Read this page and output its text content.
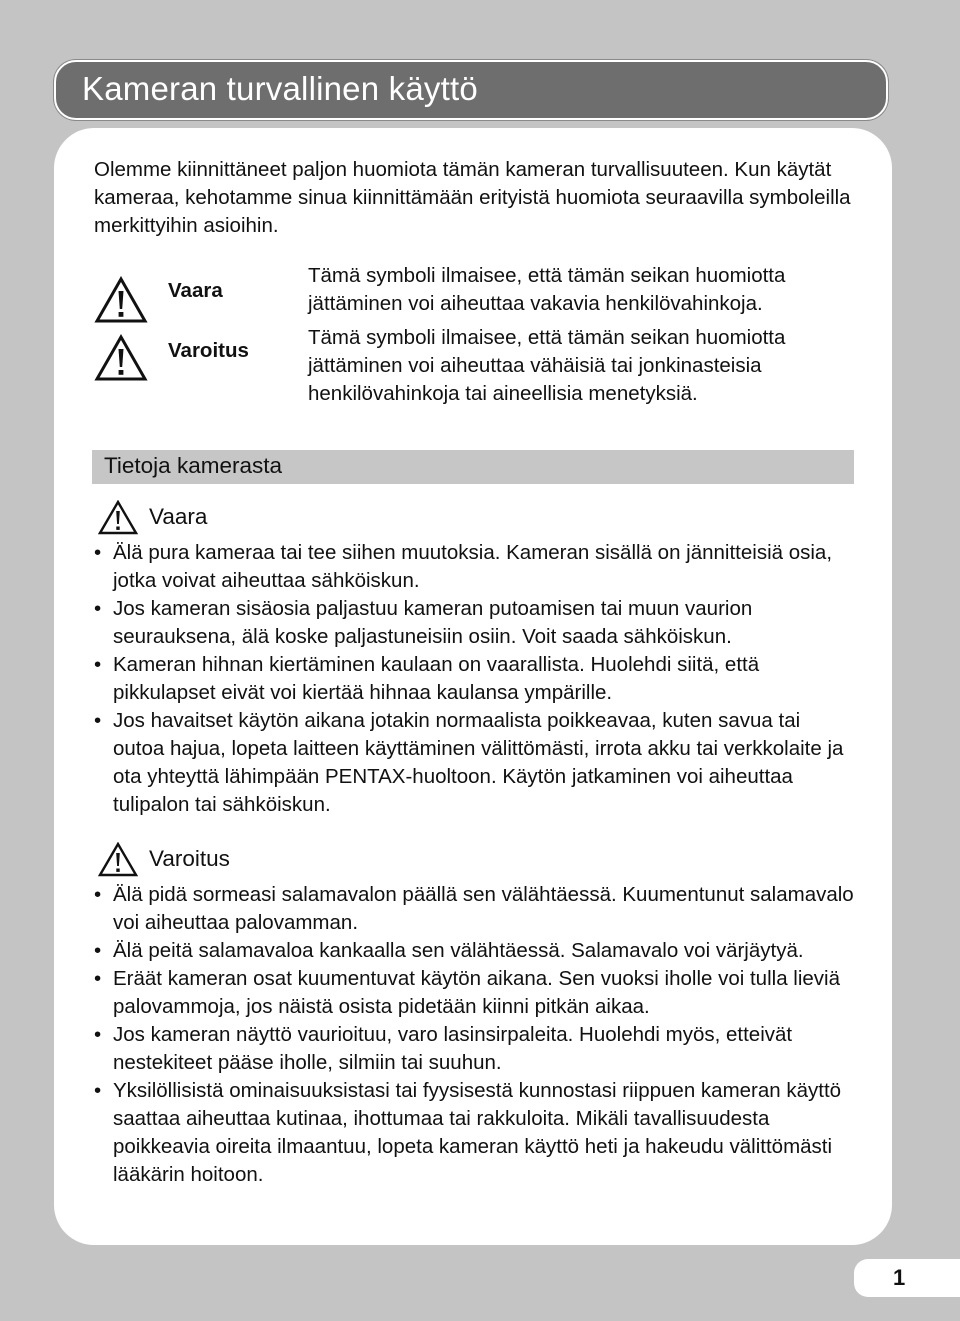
Kameran turvallinen käyttö

Olemme kiinnittäneet paljon huomiota tämän kameran turvallisuuteen. Kun käytät kameraa, kehotamme sinua kiinnittämään erityistä huomiota seuraavilla symboleilla merkittyihin asioihin.

Vaara

Tämä symboli ilmaisee, että tämän seikan huomiotta jättäminen voi aiheuttaa vakavia henkilövahinkoja.

Varoitus

Tämä symboli ilmaisee, että tämän seikan huomiotta jättäminen voi aiheuttaa vähäisiä tai jonkinasteisia henkilövahinkoja tai aineellisia menetyksiä.

Tietoja kamerasta
Vaara
• Älä pura kameraa tai tee siihen muutoksia. Kameran sisällä on jännitteisiä osia, jotka voivat aiheuttaa sähköiskun.
• Jos kameran sisäosia paljastuu kameran putoamisen tai muun vaurion seurauksena, älä koske paljastuneisiin osiin. Voit saada sähköiskun.
• Kameran hihnan kiertäminen kaulaan on vaarallista. Huolehdi siitä, että pikkulapset eivät voi kiertää hihnaa kaulansa ympärille.
• Jos havaitset käytön aikana jotakin normaalista poikkeavaa, kuten savua tai outoa hajua, lopeta laitteen käyttäminen välittömästi, irrota akku tai verkkolaite ja ota yhteyttä lähimpään PENTAX-huoltoon. Käytön jatkaminen voi aiheuttaa tulipalon tai sähköiskun.
Varoitus
• Älä pidä sormeasi salamavalon päällä sen välähtäessä. Kuumentunut salamavalo voi aiheuttaa palovamman.
• Älä peitä salamavaloa kankaalla sen välähtäessä. Salamavalo voi värjäytyä.
• Eräät kameran osat kuumentuvat käytön aikana. Sen vuoksi iholle voi tulla lieviä palovammoja, jos näistä osista pidetään kiinni pitkän aikaa.
• Jos kameran näyttö vaurioituu, varo lasinsirpaleita. Huolehdi myös, etteivät nestekiteet pääse iholle, silmiin tai suuhun.
• Yksilöllisistä ominaisuuksistasi tai fyysisestä kunnostasi riippuen kameran käyttö saattaa aiheuttaa kutinaa, ihottumaa tai rakkuloita. Mikäli tavallisuudesta poikkeavia oireita ilmaantuu, lopeta kameran käyttö heti ja hakeudu välittömästi lääkärin hoitoon.
1
